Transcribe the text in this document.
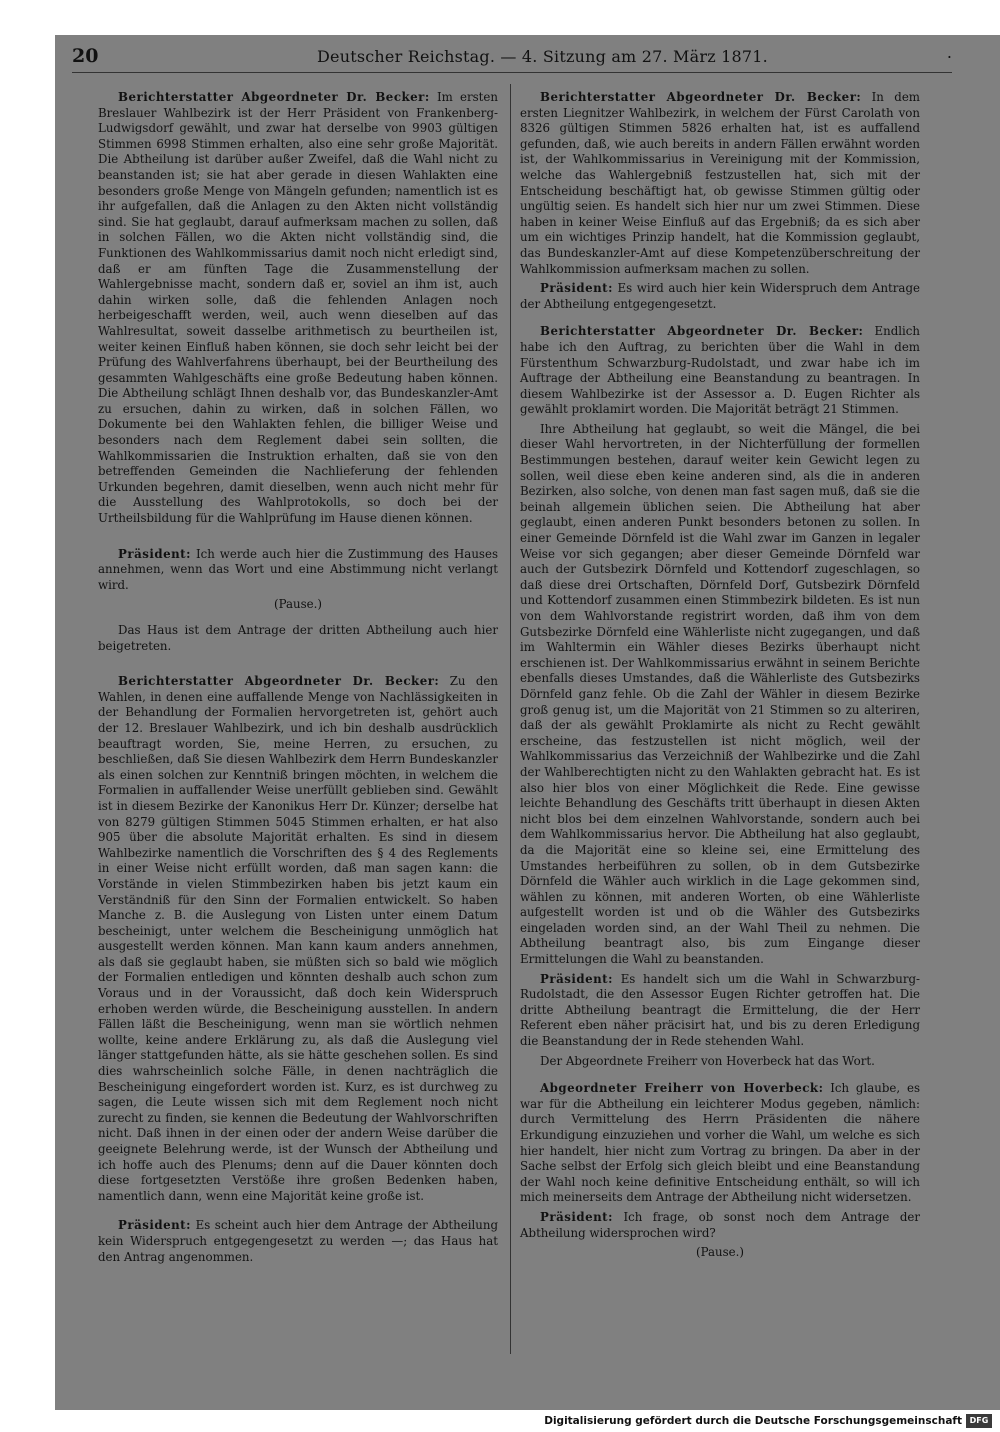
20	Deutscher Reichstag. — 4. Sitzung am 27. März 1871.	.

Berichterstatter Abgeordneter Dr. Becker: Im ersten Breslauer Wahlbezirk ist der Herr Präsident von Frankenberg-Ludwigsdorf gewählt, und zwar hat derselbe von 9903 gültigen Stimmen 6998 Stimmen erhalten, also eine sehr große Majorität. Die Abtheilung ist darüber außer Zweifel, daß die Wahl nicht zu beanstanden ist; sie hat aber gerade in diesen Wahlakten eine besonders große Menge von Mängeln gefunden; namentlich ist es ihr aufgefallen, daß die Anlagen zu den Akten nicht vollständig sind. Sie hat geglaubt, darauf aufmerksam machen zu sollen, daß in solchen Fällen, wo die Akten nicht vollständig sind, die Funktionen des Wahlkommissarius damit noch nicht erledigt sind, daß er am fünften Tage die Zusammenstellung der Wahlergebnisse macht, sondern daß er, soviel an ihm ist, auch dahin wirken solle, daß die fehlenden Anlagen noch herbeigeschafft werden, weil, auch wenn dieselben auf das Wahlresultat, soweit dasselbe arithmetisch zu beurtheilen ist, weiter keinen Einfluß haben können, sie doch sehr leicht bei der Prüfung des Wahlverfahrens überhaupt, bei der Beurtheilung des gesammten Wahlgeschäfts eine große Bedeutung haben können. Die Abtheilung schlägt Ihnen deshalb vor, das Bundeskanzler-Amt zu ersuchen, dahin zu wirken, daß in solchen Fällen, wo Dokumente bei den Wahlakten fehlen, die billiger Weise und besonders nach dem Reglement dabei sein sollten, die Wahlkommissarien die Instruktion erhalten, daß sie von den betreffenden Gemeinden die Nachlieferung der fehlenden Urkunden begehren, damit dieselben, wenn auch nicht mehr für die Ausstellung des Wahlprotokolls, so doch bei der Urtheilsbildung für die Wahlprüfung im Hause dienen können.

Präsident: Ich werde auch hier die Zustimmung des Hauses annehmen, wenn das Wort und eine Abstimmung nicht verlangt wird.

(Pause.)

Das Haus ist dem Antrage der dritten Abtheilung auch hier beigetreten.

Berichterstatter Abgeordneter Dr. Becker: Zu den Wahlen, in denen eine auffallende Menge von Nachlässigkeiten in der Behandlung der Formalien hervorgetreten ist, gehört auch der 12. Breslauer Wahlbezirk, und ich bin deshalb ausdrücklich beauftragt worden, Sie, meine Herren, zu ersuchen, zu beschließen, daß Sie diesen Wahlbezirk dem Herrn Bundeskanzler als einen solchen zur Kenntniß bringen möchten, in welchem die Formalien in auffallender Weise unerfüllt geblieben sind. Gewählt ist in diesem Bezirke der Kanonikus Herr Dr. Künzer; derselbe hat von 8279 gültigen Stimmen 5045 Stimmen erhalten, er hat also 905 über die absolute Majorität erhalten. Es sind in diesem Wahlbezirke namentlich die Vorschriften des § 4 des Reglements in einer Weise nicht erfüllt worden, daß man sagen kann: die Vorstände in vielen Stimmbezirken haben bis jetzt kaum ein Verständniß für den Sinn der Formalien entwickelt. So haben Manche z. B. die Auslegung von Listen unter einem Datum bescheinigt, unter welchem die Bescheinigung unmöglich hat ausgestellt werden können. Man kann kaum anders annehmen, als daß sie geglaubt haben, sie müßten sich so bald wie möglich der Formalien entledigen und könnten deshalb auch schon zum Voraus und in der Voraussicht, daß doch kein Widerspruch erhoben werden würde, die Bescheinigung ausstellen. In andern Fällen läßt die Bescheinigung, wenn man sie wörtlich nehmen wollte, keine andere Erklärung zu, als daß die Auslegung viel länger stattgefunden hätte, als sie hätte geschehen sollen. Es sind dies wahrscheinlich solche Fälle, in denen nachträglich die Bescheinigung eingefordert worden ist. Kurz, es ist durchweg zu sagen, die Leute wissen sich mit dem Reglement noch nicht zurecht zu finden, sie kennen die Bedeutung der Wahlvorschriften nicht. Daß ihnen in der einen oder der andern Weise darüber die geeignete Belehrung werde, ist der Wunsch der Abtheilung und ich hoffe auch des Plenums; denn auf die Dauer könnten doch diese fortgesetzten Verstöße ihre großen Bedenken haben, namentlich dann, wenn eine Majorität keine große ist.

Präsident: Es scheint auch hier dem Antrage der Abtheilung kein Widerspruch entgegengesetzt zu werden —; das Haus hat den Antrag angenommen.

Berichterstatter Abgeordneter Dr. Becker: In dem ersten Liegnitzer Wahlbezirk, in welchem der Fürst Carolath von 8326 gültigen Stimmen 5826 erhalten hat, ist es auffallend gefunden, daß, wie auch bereits in andern Fällen erwähnt worden ist, der Wahlkommissarius in Vereinigung mit der Kommission, welche das Wahlergebniß festzustellen hat, sich mit der Entscheidung beschäftigt hat, ob gewisse Stimmen gültig oder ungültig seien. Es handelt sich hier nur um zwei Stimmen. Diese haben in keiner Weise Einfluß auf das Ergebniß; da es sich aber um ein wichtiges Prinzip handelt, hat die Kommission geglaubt, das Bundeskanzler-Amt auf diese Kompetenzüberschreitung der Wahlkommission aufmerksam machen zu sollen.

Präsident: Es wird auch hier kein Widerspruch dem Antrage der Abtheilung entgegengesetzt.

Berichterstatter Abgeordneter Dr. Becker: Endlich habe ich den Auftrag, zu berichten über die Wahl in dem Fürstenthum Schwarzburg-Rudolstadt, und zwar habe ich im Auftrage der Abtheilung eine Beanstandung zu beantragen. In diesem Wahlbezirke ist der Assessor a. D. Eugen Richter als gewählt proklamirt worden. Die Majorität beträgt 21 Stimmen.

Ihre Abtheilung hat geglaubt, so weit die Mängel, die bei dieser Wahl hervortreten, in der Nichterfüllung der formellen Bestimmungen bestehen, darauf weiter kein Gewicht legen zu sollen, weil diese eben keine anderen sind, als die in anderen Bezirken, also solche, von denen man fast sagen muß, daß sie die beinah allgemein üblichen seien. Die Abtheilung hat aber geglaubt, einen anderen Punkt besonders betonen zu sollen. In einer Gemeinde Dörnfeld ist die Wahl zwar im Ganzen in legaler Weise vor sich gegangen; aber dieser Gemeinde Dörnfeld war auch der Gutsbezirk Dörnfeld und Kottendorf zugeschlagen, so daß diese drei Ortschaften, Dörnfeld Dorf, Gutsbezirk Dörnfeld und Kottendorf zusammen einen Stimmbezirk bildeten. Es ist nun von dem Wahlvorstande registrirt worden, daß ihm von dem Gutsbezirke Dörnfeld eine Wählerliste nicht zugegangen, und daß im Wahltermin ein Wähler dieses Bezirks überhaupt nicht erschienen ist. Der Wahlkommissarius erwähnt in seinem Berichte ebenfalls dieses Umstandes, daß die Wählerliste des Gutsbezirks Dörnfeld ganz fehle. Ob die Zahl der Wähler in diesem Bezirke groß genug ist, um die Majorität von 21 Stimmen so zu alteriren, daß der als gewählt Proklamirte als nicht zu Recht gewählt erscheine, das festzustellen ist nicht möglich, weil der Wahlkommissarius das Verzeichniß der Wahlbezirke und die Zahl der Wahlberechtigten nicht zu den Wahlakten gebracht hat. Es ist also hier blos von einer Möglichkeit die Rede. Eine gewisse leichte Behandlung des Geschäfts tritt überhaupt in diesen Akten nicht blos bei dem einzelnen Wahlvorstande, sondern auch bei dem Wahlkommissarius hervor. Die Abtheilung hat also geglaubt, da die Majorität eine so kleine sei, eine Ermittelung des Umstandes herbeiführen zu sollen, ob in dem Gutsbezirke Dörnfeld die Wähler auch wirklich in die Lage gekommen sind, wählen zu können, mit anderen Worten, ob eine Wählerliste aufgestellt worden ist und ob die Wähler des Gutsbezirks eingeladen worden sind, an der Wahl Theil zu nehmen. Die Abtheilung beantragt also, bis zum Eingange dieser Ermittelungen die Wahl zu beanstanden.

Präsident: Es handelt sich um die Wahl in Schwarzburg-Rudolstadt, die den Assessor Eugen Richter getroffen hat. Die dritte Abtheilung beantragt die Ermittelung, die der Herr Referent eben näher präcisirt hat, und bis zu deren Erledigung die Beanstandung der in Rede stehenden Wahl.

Der Abgeordnete Freiherr von Hoverbeck hat das Wort.

Abgeordneter Freiherr von Hoverbeck: Ich glaube, es war für die Abtheilung ein leichterer Modus gegeben, nämlich: durch Vermittelung des Herrn Präsidenten die nähere Erkundigung einzuziehen und vorher die Wahl, um welche es sich hier handelt, hier nicht zum Vortrag zu bringen. Da aber in der Sache selbst der Erfolg sich gleich bleibt und eine Beanstandung der Wahl noch keine definitive Entscheidung enthält, so will ich mich meinerseits dem Antrage der Abtheilung nicht widersetzen.

Präsident: Ich frage, ob sonst noch dem Antrage der Abtheilung widersprochen wird?

(Pause.)

Digitalisierung gefördert durch die Deutsche Forschungsgemeinschaft DFG
